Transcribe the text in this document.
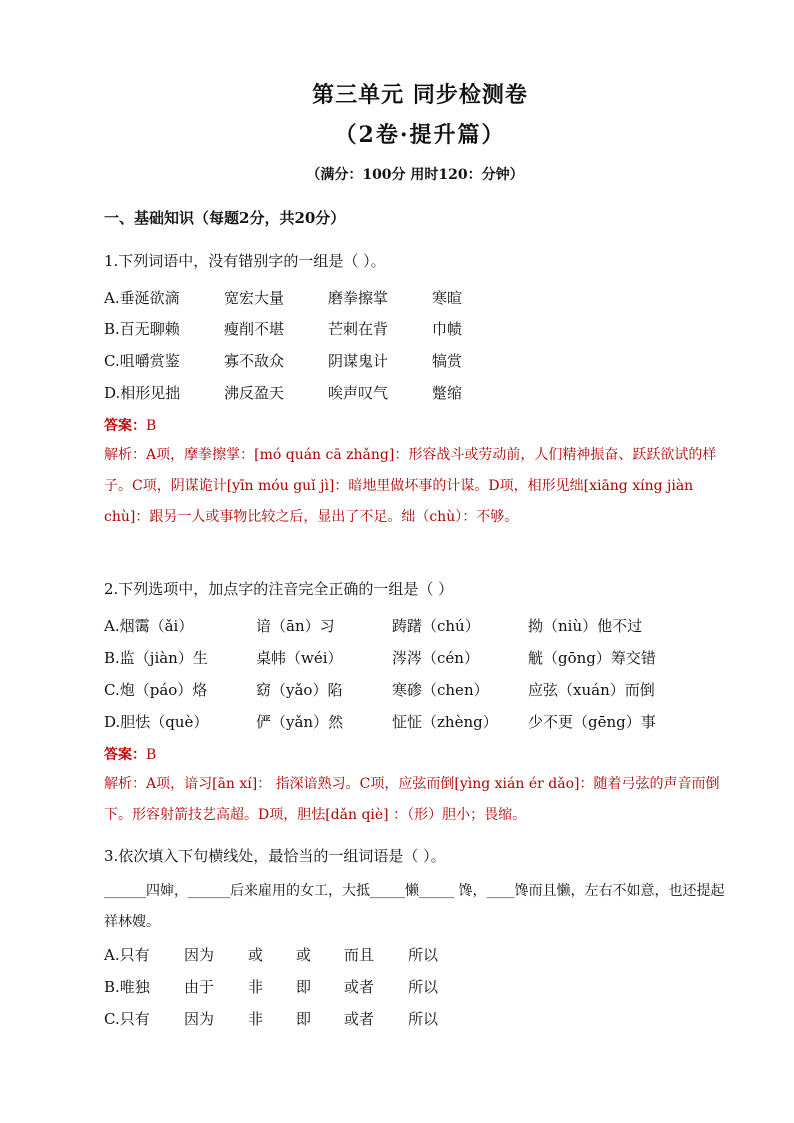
第三单元 同步检测卷
（2卷·提升篇）
（满分：100分 用时120：分钟）
一、基础知识（每题2分，共20分）
1.下列词语中，没有错别字的一组是（ ）。
A.垂涎欲滴	宽宏大量	磨拳擦掌	寒暄
B.百无聊赖	瘦削不堪	芒刺在背	巾帻
C.咀嚼赏鉴	寡不敌众	阴谋鬼计	犒赏
D.相形见拙	沸反盈天	唉声叹气	蹩缩
答案：B
解析：A项，摩拳擦掌：[mó quán cā zhǎng]：形容战斗或劳动前，人们精神振奋、跃跃欲试的样子。C项，阴谋诡计[yīn móu guǐ jì]：暗地里做坏事的计谋。D项，相形见绌[xiāng xíng jiàn chù]：跟另一人或事物比较之后，显出了不足。绌（chù）：不够。
2.下列选项中，加点字的注音完全正确的一组是（ ）
A.烟霭（ǎi）	谙（ān）习	踌躇（chú）	拗（niù）他不过
B.监（jiàn）生	桌帏（wéi）	涔涔（cén）	觥（gōng）筹交错
C.炮（páo）烙	窈（yǎo）陷	寒碜（chen）	应弦（xuán）而倒
D.胆怯（què）	俨（yǎn）然	怔怔（zhèng） 少不更（gēng）事
答案：B
解析：A项，谙习[ān xí]： 指深谙熟习。C项，应弦而倒[yìng xián ér dǎo]：随着弓弦的声音而倒下。形容射箭技艺高超。D项，胆怯[dǎn qiè] ：（形）胆小；畏缩。
3.依次填入下句横线处，最恰当的一组词语是（ ）。
______四婶，______后来雇用的女工，大抵_____懒_____ 馋，____馋而且懒，左右不如意，也还提起祥林嫂。
A.只有 因为 或 或 而且 所以
B.唯独 由于 非 即 或者 所以
C.只有 因为 非 即 或者 所以
